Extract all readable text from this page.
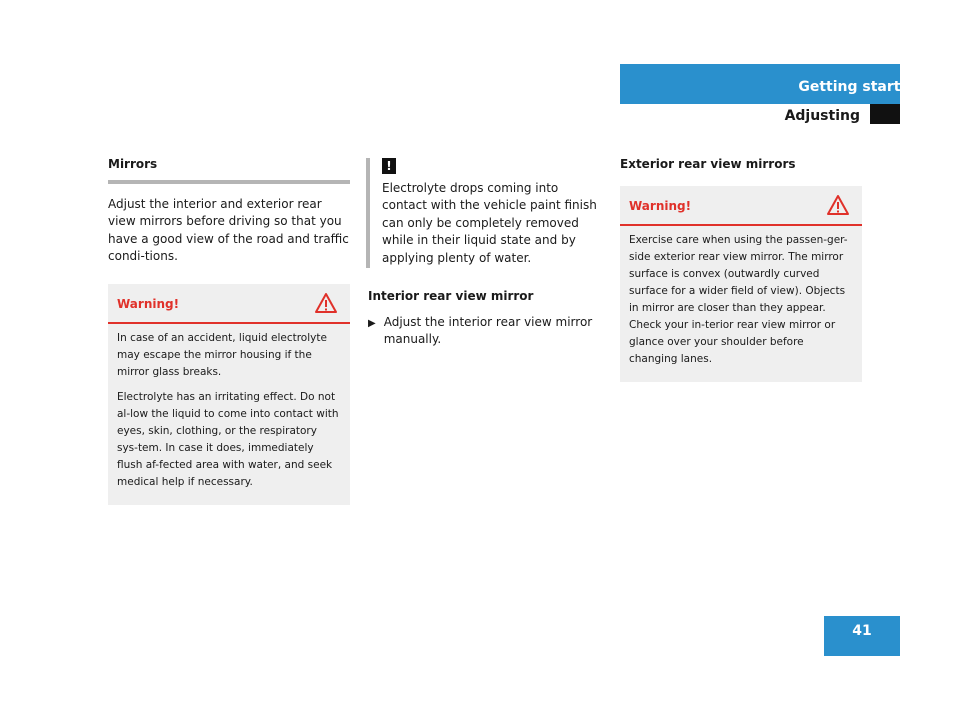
Getting started
Adjusting

Mirrors

Adjust the interior and exterior rear view mirrors before driving so that you have a good view of the road and traffic condi-tions.

Warning!

In case of an accident, liquid electrolyte may escape the mirror housing if the mirror glass breaks.

Electrolyte has an irritating effect. Do not al-low the liquid to come into contact with eyes, skin, clothing, or the respiratory sys-tem. In case it does, immediately flush af-fected area with water, and seek medical help if necessary.

!

Electrolyte drops coming into contact with the vehicle paint finish can only be completely removed while in their liquid state and by applying plenty of water.

Interior rear view mirror

▶ Adjust the interior rear view mirror manually.

Exterior rear view mirrors

Warning!

Exercise care when using the passen-ger-side exterior rear view mirror. The mirror surface is convex (outwardly curved surface for a wider field of view). Objects in mirror are closer than they appear. Check your in-terior rear view mirror or glance over your shoulder before changing lanes.

41
